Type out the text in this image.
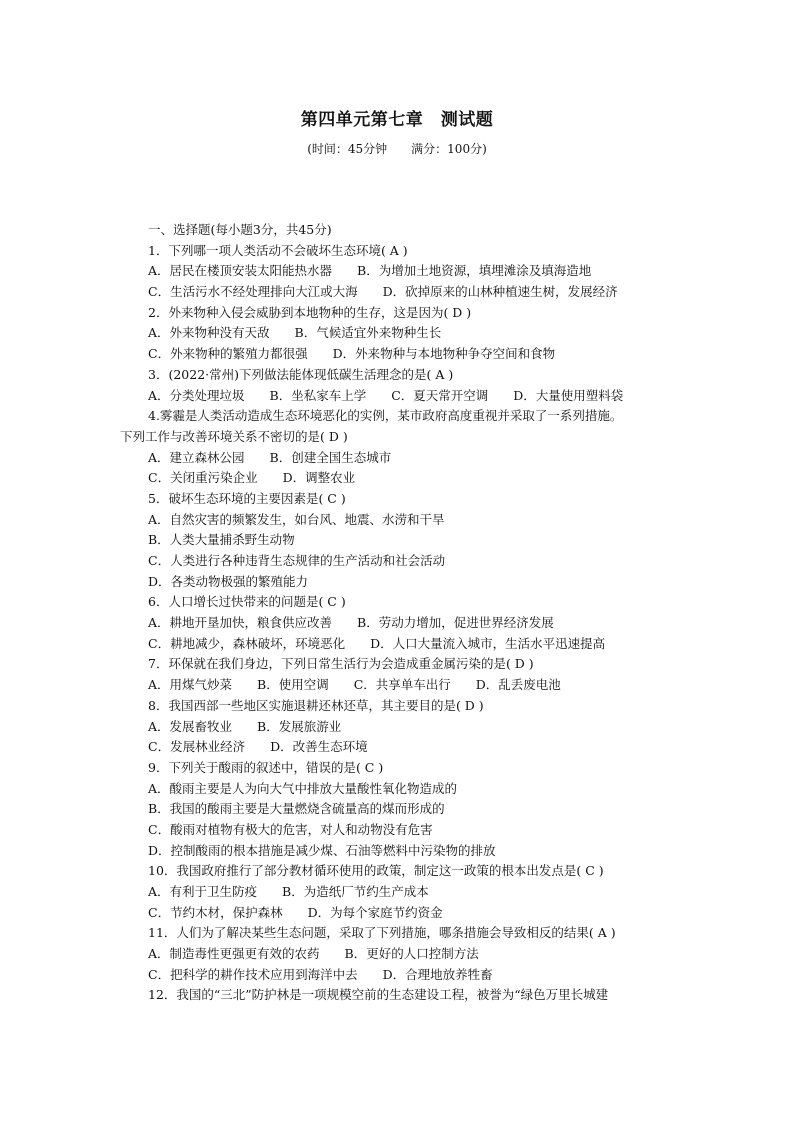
第四单元第七章　测试题
(时间：45分钟　　满分：100分)
一、选择题(每小题3分，共45分)
1．下列哪一项人类活动不会破坏生态环境( A )
A．居民在楼顶安装太阳能热水器　　B．为增加土地资源，填埋滩涂及填海造地
C．生活污水不经处理排向大江或大海　　D．砍掉原来的山林种植速生树，发展经济
2．外来物种入侵会威胁到本地物种的生存，这是因为( D )
A．外来物种没有天敌　　B．气候适宜外来物种生长
C．外来物种的繁殖力都很强　　D．外来物种与本地物种争夺空间和食物
3．(2022·常州)下列做法能体现低碳生活理念的是( A )
A．分类处理垃圾　　B．坐私家车上学　　C．夏天常开空调　　D．大量使用塑料袋
4.雾霾是人类活动造成生态环境恶化的实例，某市政府高度重视并采取了一系列措施。
下列工作与改善环境关系不密切的是( D )
A．建立森林公园　　B．创建全国生态城市
C．关闭重污染企业　　D．调整农业
5．破坏生态环境的主要因素是( C )
A．自然灾害的频繁发生，如台风、地震、水涝和干旱
B．人类大量捕杀野生动物
C．人类进行各种违背生态规律的生产活动和社会活动
D．各类动物极强的繁殖能力
6．人口增长过快带来的问题是( C )
A．耕地开垦加快，粮食供应改善　　B．劳动力增加，促进世界经济发展
C．耕地减少，森林破坏，环境恶化　　D．人口大量流入城市，生活水平迅速提高
7．环保就在我们身边，下列日常生活行为会造成重金属污染的是( D )
A．用煤气炒菜　　B．使用空调　　C．共享单车出行　　D．乱丢废电池
8．我国西部一些地区实施退耕还林还草，其主要目的是( D )
A．发展畜牧业　　B．发展旅游业
C．发展林业经济　　D．改善生态环境
9．下列关于酸雨的叙述中，错误的是( C )
A．酸雨主要是人为向大气中排放大量酸性氧化物造成的
B．我国的酸雨主要是大量燃烧含硫量高的煤而形成的
C．酸雨对植物有极大的危害，对人和动物没有危害
D．控制酸雨的根本措施是减少煤、石油等燃料中污染物的排放
10．我国政府推行了部分教材循环使用的政策，制定这一政策的根本出发点是( C )
A．有利于卫生防疫　　B．为造纸厂节约生产成本
C．节约木材，保护森林　　D．为每个家庭节约资金
11．人们为了解决某些生态问题，采取了下列措施，哪条措施会导致相反的结果( A )
A．制造毒性更强更有效的农药　　B．更好的人口控制方法
C．把科学的耕作技术应用到海洋中去　　D．合理地放养牲畜
12．我国的“三北”防护林是一项规模空前的生态建设工程，被誉为“绿色万里长城建
